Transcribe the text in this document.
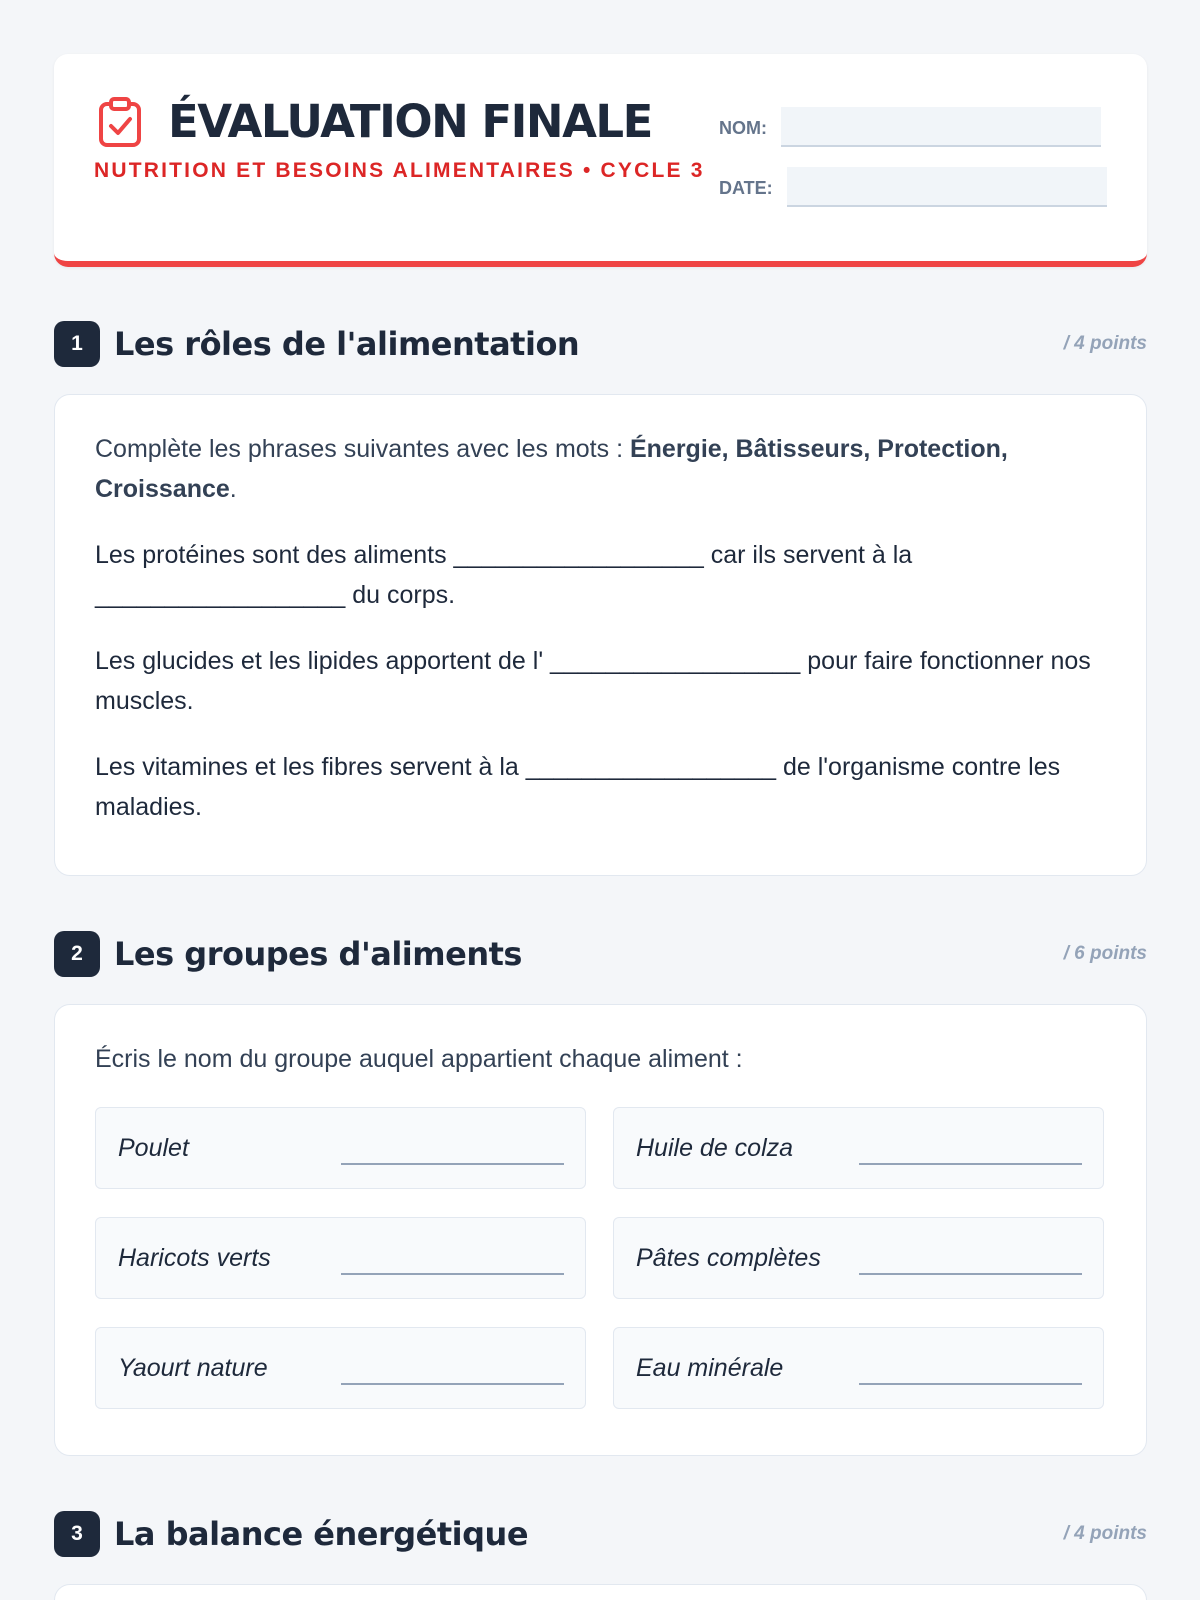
ÉVALUATION FINALE
NUTRITION ET BESOINS ALIMENTAIRES • CYCLE 3
NOM:
DATE:
1 Les rôles de l'alimentation	/ 4 points

Complète les phrases suivantes avec les mots : Énergie, Bâtisseurs, Protection, Croissance.

Les protéines sont des aliments __________________ car ils servent à la __________________ du corps.

Les glucides et les lipides apportent de l' __________________ pour faire fonctionner nos muscles.

Les vitamines et les fibres servent à la __________________ de l'organisme contre les maladies.

2 Les groupes d'aliments	/ 6 points

Écris le nom du groupe auquel appartient chaque aliment :

Poulet	Huile de colza
Haricots verts	Pâtes complètes
Yaourt nature	Eau minérale
3 La balance énergétique	/ 4 points
